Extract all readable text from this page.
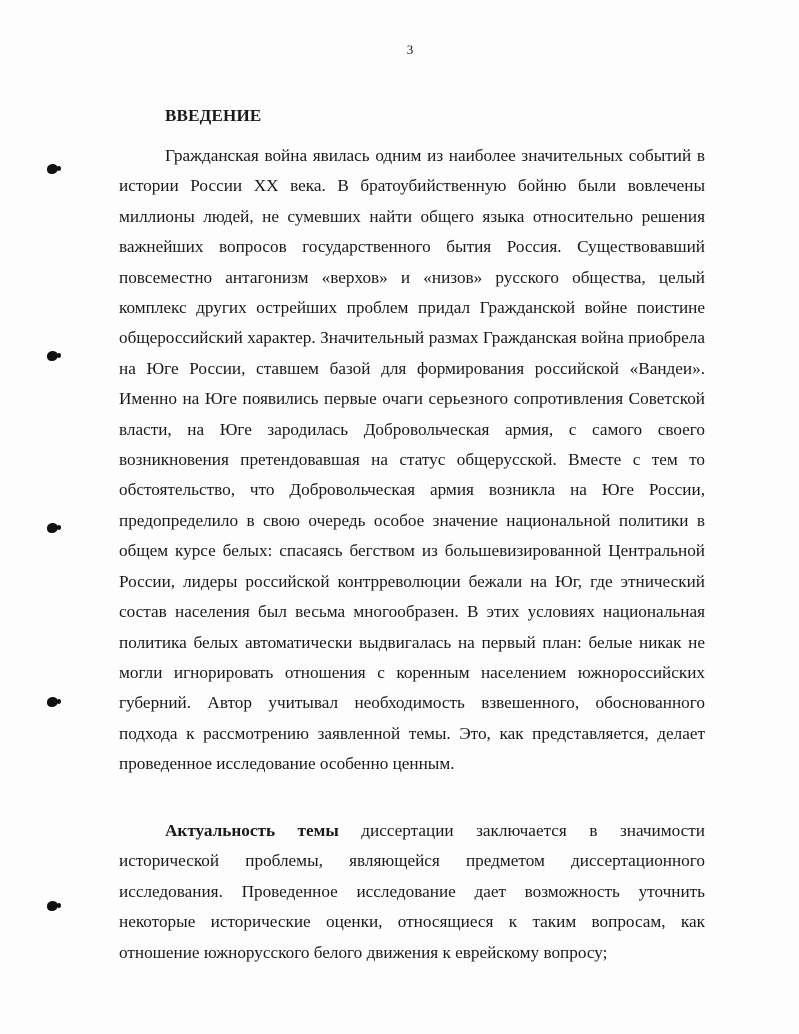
3
ВВЕДЕНИЕ

Гражданская война явилась одним из наиболее значительных событий в истории России XX века. В братоубийственную бойню были вовлечены миллионы людей, не сумевших найти общего языка относительно решения важнейших вопросов государственного бытия Россия. Существовавший повсеместно антагонизм «верхов» и «низов» русского общества, целый комплекс других острейших проблем придал Гражданской войне поистине общероссийский характер. Значительный размах Гражданская война приобрела на Юге России, ставшем базой для формирования российской «Вандеи». Именно на Юге появились первые очаги серьезного сопротивления Советской власти, на Юге зародилась Добровольческая армия, с самого своего возникновения претендовавшая на статус общерусской. Вместе с тем то обстоятельство, что Добровольческая армия возникла на Юге России, предопределило в свою очередь особое значение национальной политики в общем курсе белых: спасаясь бегством из большевизированной Центральной России, лидеры российской контрреволюции бежали на Юг, где этнический состав населения был весьма многообразен. В этих условиях национальная политика белых автоматически выдвигалась на первый план: белые никак не могли игнорировать отношения с коренным населением южнороссийских губерний. Автор учитывал необходимость взвешенного, обоснованного подхода к рассмотрению заявленной темы. Это, как представляется, делает проведенное исследование особенно ценным.

Актуальность темы диссертации заключается в значимости исторической проблемы, являющейся предметом диссертационного исследования. Проведенное исследование дает возможность уточнить некоторые исторические оценки, относящиеся к таким вопросам, как отношение южнорусского белого движения к еврейскому вопросу;
